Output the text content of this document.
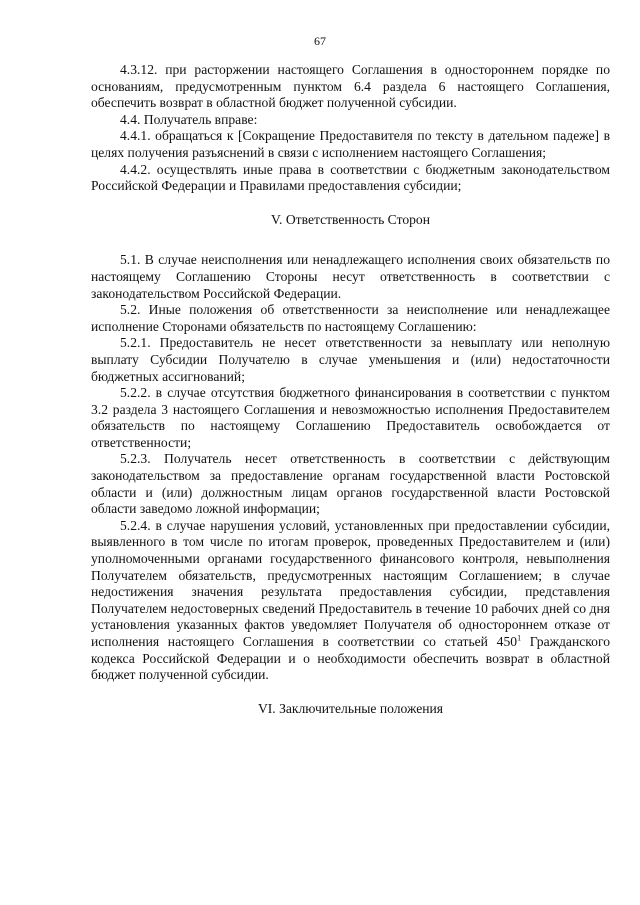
67

4.3.12. при расторжении настоящего Соглашения в одностороннем порядке по основаниям, предусмотренным пунктом 6.4 раздела 6 настоящего Соглашения, обеспечить возврат в областной бюджет полученной субсидии.

4.4. Получатель вправе:

4.4.1. обращаться к [Сокращение Предоставителя по тексту в дательном падеже] в целях получения разъяснений в связи с исполнением настоящего Соглашения;

4.4.2. осуществлять иные права в соответствии с бюджетным законодательством Российской Федерации и Правилами предоставления субсидии;

V. Ответственность Сторон

5.1. В случае неисполнения или ненадлежащего исполнения своих обязательств по настоящему Соглашению Стороны несут ответственность в соответствии с законодательством Российской Федерации.

5.2. Иные положения об ответственности за неисполнение или ненадлежащее исполнение Сторонами обязательств по настоящему Соглашению:

5.2.1. Предоставитель не несет ответственности за невыплату или неполную выплату Субсидии Получателю в случае уменьшения и (или) недостаточности бюджетных ассигнований;

5.2.2. в случае отсутствия бюджетного финансирования в соответствии с пунктом 3.2 раздела 3 настоящего Соглашения и невозможностью исполнения Предоставителем обязательств по настоящему Соглашению Предоставитель освобождается от ответственности;

5.2.3. Получатель несет ответственность в соответствии с действующим законодательством за предоставление органам государственной власти Ростовской области и (или) должностным лицам органов государственной власти Ростовской области заведомо ложной информации;

5.2.4. в случае нарушения условий, установленных при предоставлении субсидии, выявленного в том числе по итогам проверок, проведенных Предоставителем и (или) уполномоченными органами государственного финансового контроля, невыполнения Получателем обязательств, предусмотренных настоящим Соглашением; в случае недостижения значения результата предоставления субсидии, представления Получателем недостоверных сведений Предоставитель в течение 10 рабочих дней со дня установления указанных фактов уведомляет Получателя об одностороннем отказе от исполнения настоящего Соглашения в соответствии со статьей $450^1$ Гражданского кодекса Российской Федерации и о необходимости обеспечить возврат в областной бюджет полученной субсидии.

VI. Заключительные положения
